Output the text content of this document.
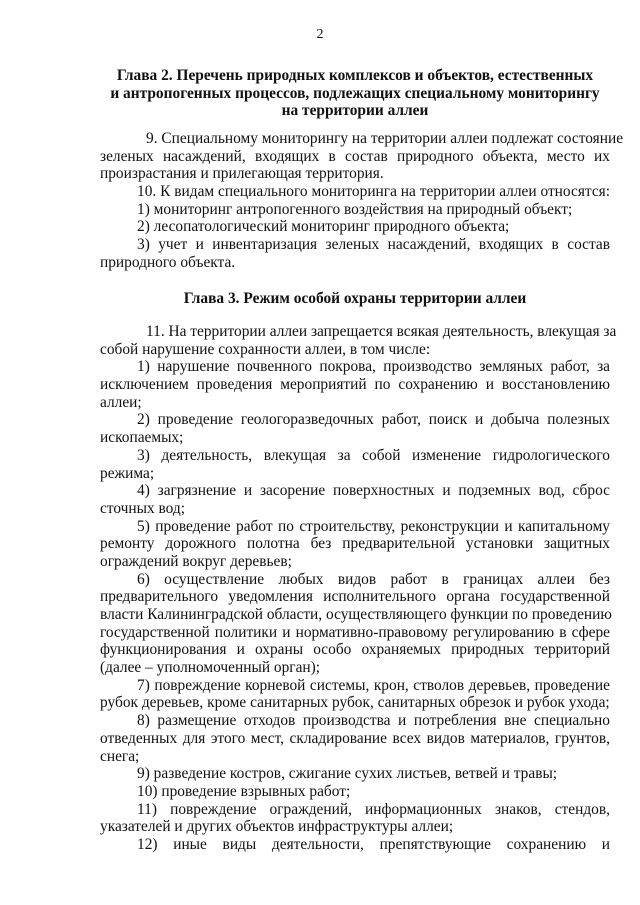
2
Глава 2. Перечень природных комплексов и объектов, естественных
и антропогенных процессов, подлежащих специальному мониторингу
на территории аллеи
9. Специальному мониторингу на территории аллеи подлежат состояние
зеленых насаждений, входящих в состав природного объекта, место их
произрастания и прилегающая территория.
10. К видам специального мониторинга на территории аллеи относятся:
1) мониторинг антропогенного воздействия на природный объект;
2) лесопатологический мониторинг природного объекта;
3) учет и инвентаризация зеленых насаждений, входящих в состав
природного объекта.
Глава 3. Режим особой охраны территории аллеи
11. На территории аллеи запрещается всякая деятельность, влекущая за
собой нарушение сохранности аллеи, в том числе:
1) нарушение почвенного покрова, производство земляных работ, за
исключением проведения мероприятий по сохранению и восстановлению
аллеи;
2) проведение геологоразведочных работ, поиск и добыча полезных
ископаемых;
3) деятельность, влекущая за собой изменение гидрологического
режима;
4) загрязнение и засорение поверхностных и подземных вод, сброс
сточных вод;
5) проведение работ по строительству, реконструкции и капитальному
ремонту дорожного полотна без предварительной установки защитных
ограждений вокруг деревьев;
6) осуществление любых видов работ в границах аллеи без
предварительного уведомления исполнительного органа государственной
власти Калининградской области, осуществляющего функции по проведению
государственной политики и нормативно-правовому регулированию в сфере
функционирования и охраны особо охраняемых природных территорий
(далее – уполномоченный орган);
7) повреждение корневой системы, крон, стволов деревьев, проведение
рубок деревьев, кроме санитарных рубок, санитарных обрезок и рубок ухода;
8) размещение отходов производства и потребления вне специально
отведенных для этого мест, складирование всех видов материалов, грунтов,
снега;
9) разведение костров, сжигание сухих листьев, ветвей и травы;
10) проведение взрывных работ;
11) повреждение ограждений, информационных знаков, стендов,
указателей и других объектов инфраструктуры аллеи;
12) иные виды деятельности, препятствующие сохранению и
